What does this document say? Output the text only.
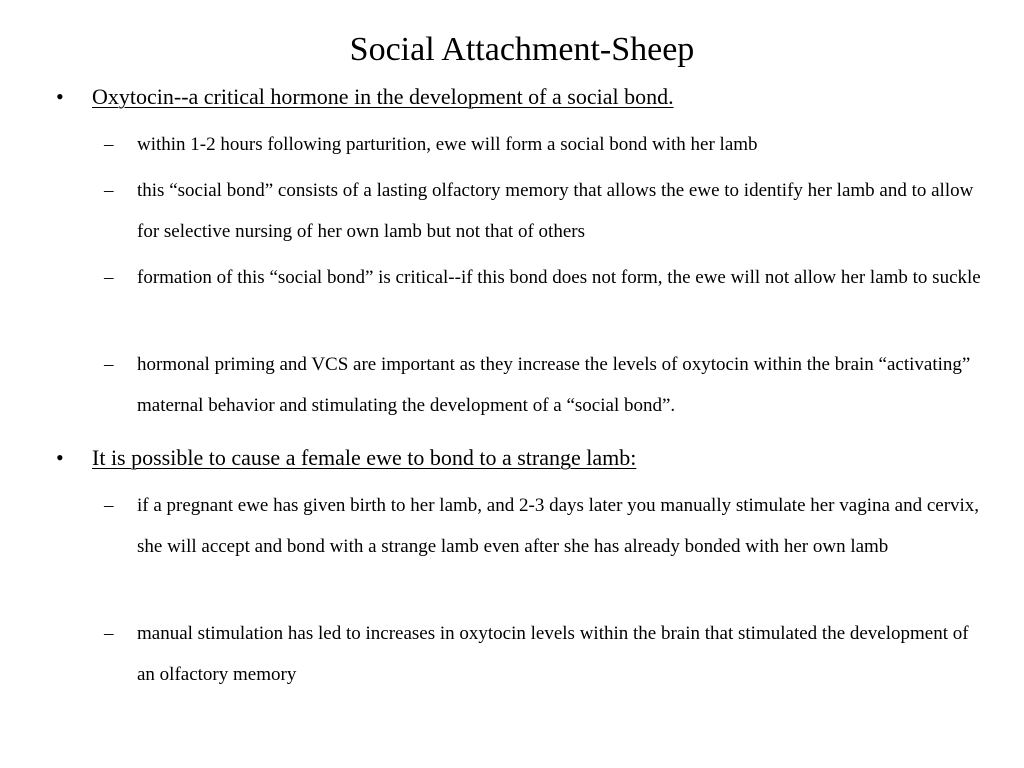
Social Attachment-Sheep
• Oxytocin--a critical hormone in the development of a social bond.
– within 1-2 hours following parturition, ewe will form a social bond with her lamb
– this “social bond” consists of a lasting olfactory memory that allows the ewe to identify her lamb and to allow for selective nursing of her own lamb but not that of others
– formation of this “social bond” is critical--if this bond does not form, the ewe will not allow her lamb to suckle
– hormonal priming and VCS are important as they increase the levels of oxytocin within the brain “activating” maternal behavior and stimulating the development of a “social bond”.
• It is possible to cause a female ewe to bond to a strange lamb:
– if a pregnant ewe has given birth to her lamb, and 2-3 days later you manually stimulate her vagina and cervix, she will accept and bond with a strange lamb even after she has already bonded with her own lamb
– manual stimulation has led to increases in oxytocin levels within the brain that stimulated the development of an olfactory memory
